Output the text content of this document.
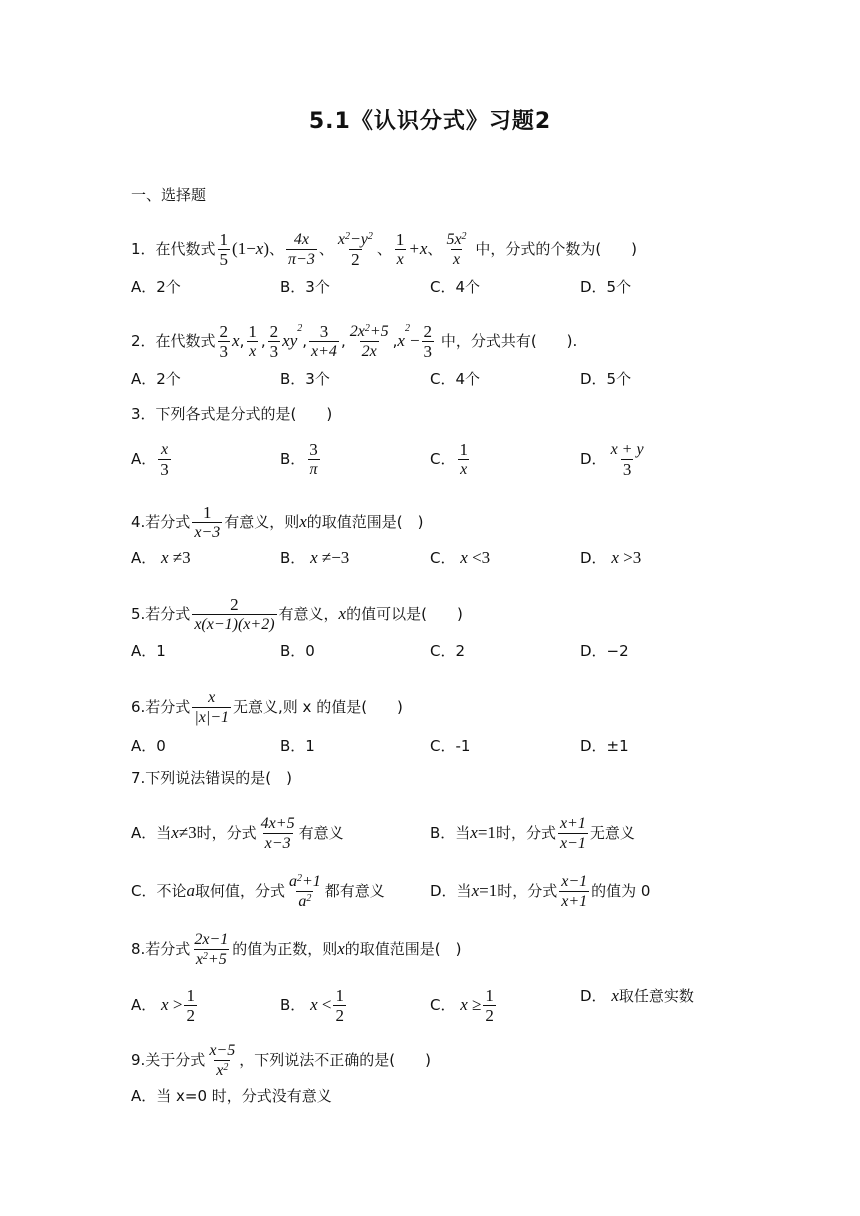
5.1《认识分式》习题2
一、选择题
1．在代数式 $\frac{1}{5} (1-x)$、 $\frac{4x}{\pi-3}$ 、 $\frac{x^2-y^2}{2}$ 、 $\frac{1}{x} +x$、 $\frac{5x^2}{x}$ 中，分式的个数为(　　)
A．2个	B．3个	C．4个	D．5个
2．在代数式 $\frac{2}{3} x$, $\frac{1}{x}$ , $\frac{2}{3} xy^2$, $\frac{3}{x+4}$ , $\frac{2x^2+5}{2x} ,x^2- \frac{2}{3}$ 中，分式共有(　　).
A．2个	B．3个	C．4个	D．5个
3．下列各式是分式的是(　　)
A． $\frac{x}{3}$	B． $\frac{3}{\pi}$	C． $\frac{1}{x}$	D． $\frac{x + y}{3}$
4.若分式 $\frac{1}{x-3}$ 有意义，则x的取值范围是(　)
A． x ≠3	B． x ≠−3	C． x <3	D． x >3
5.若分式 $\frac{2}{x(x-1)(x+2)}$ 有意义，x的值可以是(　　)
A．1	B．0	C．2	D．−2
6.若分式 $\frac{x}{|x|-1}$ 无意义,则 x 的值是(　　)
A．0	B．1	C．-1	D．±1
7.下列说法错误的是(　)
A．当x≠3时，分式 $\frac{4x+5}{x-3}$ 有意义	B．当x=1时，分式 $\frac{x+1}{x-1}$ 无意义
C．不论a取何值，分式 $\frac{a^2+1}{a^2}$ 都有意义	D．当x=1时，分式 $\frac{x-1}{x+1}$ 的值为 0
8.若分式 $\frac{2x-1}{x^2+5}$ 的值为正数，则x的取值范围是(　)
A． $x > \frac{1}{2}$	B． $x < \frac{1}{2}$	C． $x \ge \frac{1}{2}$	D． x取任意实数
9.关于分式 $\frac{x-5}{x^2}$ ，下列说法不正确的是(　　)
A．当 x=0 时，分式没有意义
